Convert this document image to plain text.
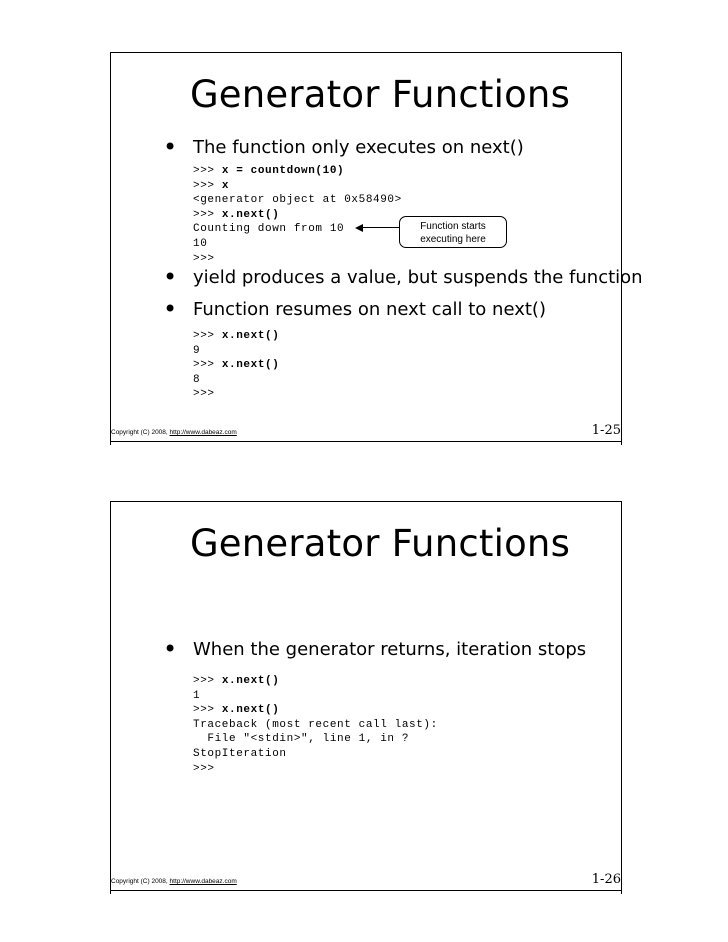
Generator Functions
• The function only executes on next()
>>> x = countdown(10)
>>> x
<generator object at 0x58490>
>>> x.next()
Counting down from 10
10
>>>
Function starts
executing here
• yield produces a value, but suspends the function
• Function resumes on next call to next()
>>> x.next()
9
>>> x.next()
8
>>>
Copyright (C) 2008, http://www.dabeaz.com	1-25
Generator Functions
• When the generator returns, iteration stops
>>> x.next()
1
>>> x.next()
Traceback (most recent call last):
File "<stdin>", line 1, in ?
StopIteration
>>>
Copyright (C) 2008, http://www.dabeaz.com	1-26
